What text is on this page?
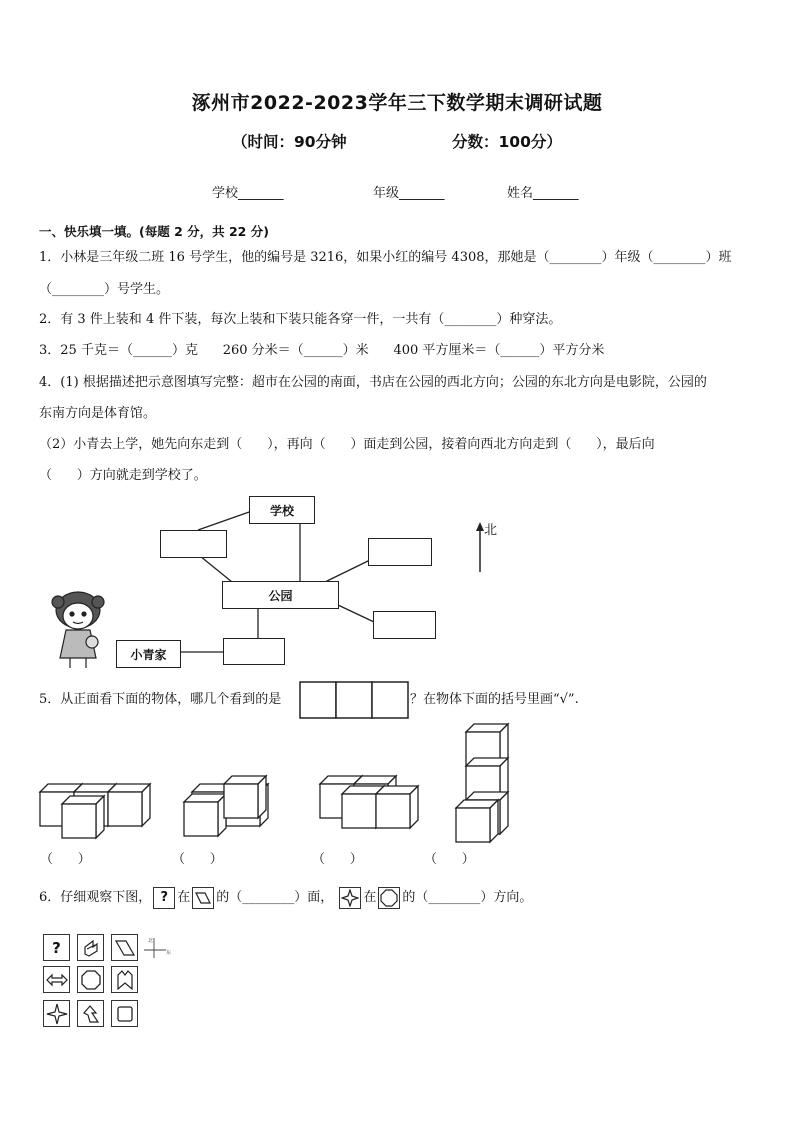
涿州市2022-2023学年三下数学期末调研试题
（时间：90分钟	分数：100分）
学校_______	年级_______	姓名_______
一、快乐填一填。(每题 2 分，共 22 分)
1．小林是三年级二班 16 号学生，他的编号是 3216，如果小红的编号 4308，那她是（________）年级（________）班
（________）号学生。
2．有 3 件上装和 4 件下装，每次上装和下装只能各穿一件，一共有（________）种穿法。
3．25 千克＝（______）克      260 分米＝（______）米      400 平方厘米＝（______）平方分米
4．(1) 根据描述把示意图填写完整：超市在公园的南面，书店在公园的西北方向；公园的东北方向是电影院，公园的
东南方向是体育馆。
（2）小青去上学，她先向东走到（      ），再向（      ）面走到公园，接着向西北方向走到（      ），最后向
（      ）方向就走到学校了。
学校
公园
小青家
北
5．从正面看下面的物体，哪几个看到的是	？在物体下面的括号里画“√”.
（      ）	（      ）	（      ）	（      ）
6．仔细观察下图， ? 在 的（________）面， 在 的（________）方向。
?	北
东
